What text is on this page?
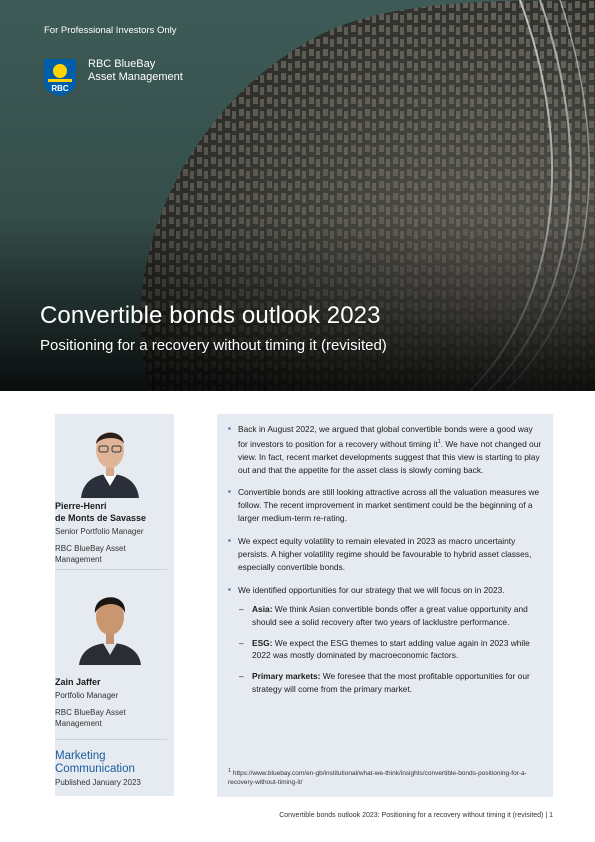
For Professional Investors Only
RBC
RBC BlueBay
Asset Management
Convertible bonds outlook 2023
Positioning for a recovery without timing it (revisited)
Pierre-Henri
de Monts de Savasse
Senior Portfolio Manager
RBC BlueBay Asset Management
Zain Jaffer
Portfolio Manager
RBC BlueBay Asset Management
Marketing
Communication
Published January 2023
▪ Back in August 2022, we argued that global convertible bonds were a good way for investors to position for a recovery without timing $it^1$. We have not changed our view. In fact, recent market developments suggest that this view is starting to play out and that the appetite for the asset class is slowly coming back.
▪ Convertible bonds are still looking attractive across all the valuation measures we follow. The recent improvement in market sentiment could be the beginning of a larger medium-term re-rating.
▪ We expect equity volatility to remain elevated in 2023 as macro uncertainty persists. A higher volatility regime should be favourable to hybrid asset classes, especially convertible bonds.
▪ We identified opportunities for our strategy that we will focus on in 2023.
– Asia: We think Asian convertible bonds offer a great value opportunity and should see a solid recovery after two years of lacklustre performance.
– ESG: We expect the ESG themes to start adding value again in 2023 while 2022 was mostly dominated by macroeconomic factors.
– Primary markets: We foresee that the most profitable opportunities for our strategy will come from the primary market.
$^1$ https://www.bluebay.com/en-gb/institutional/what-we-think/insights/convertible-bonds-positioning-for-a-recovery-without-timing-it/
Convertible bonds outlook 2023: Positioning for a recovery without timing it (revisited) | 1
